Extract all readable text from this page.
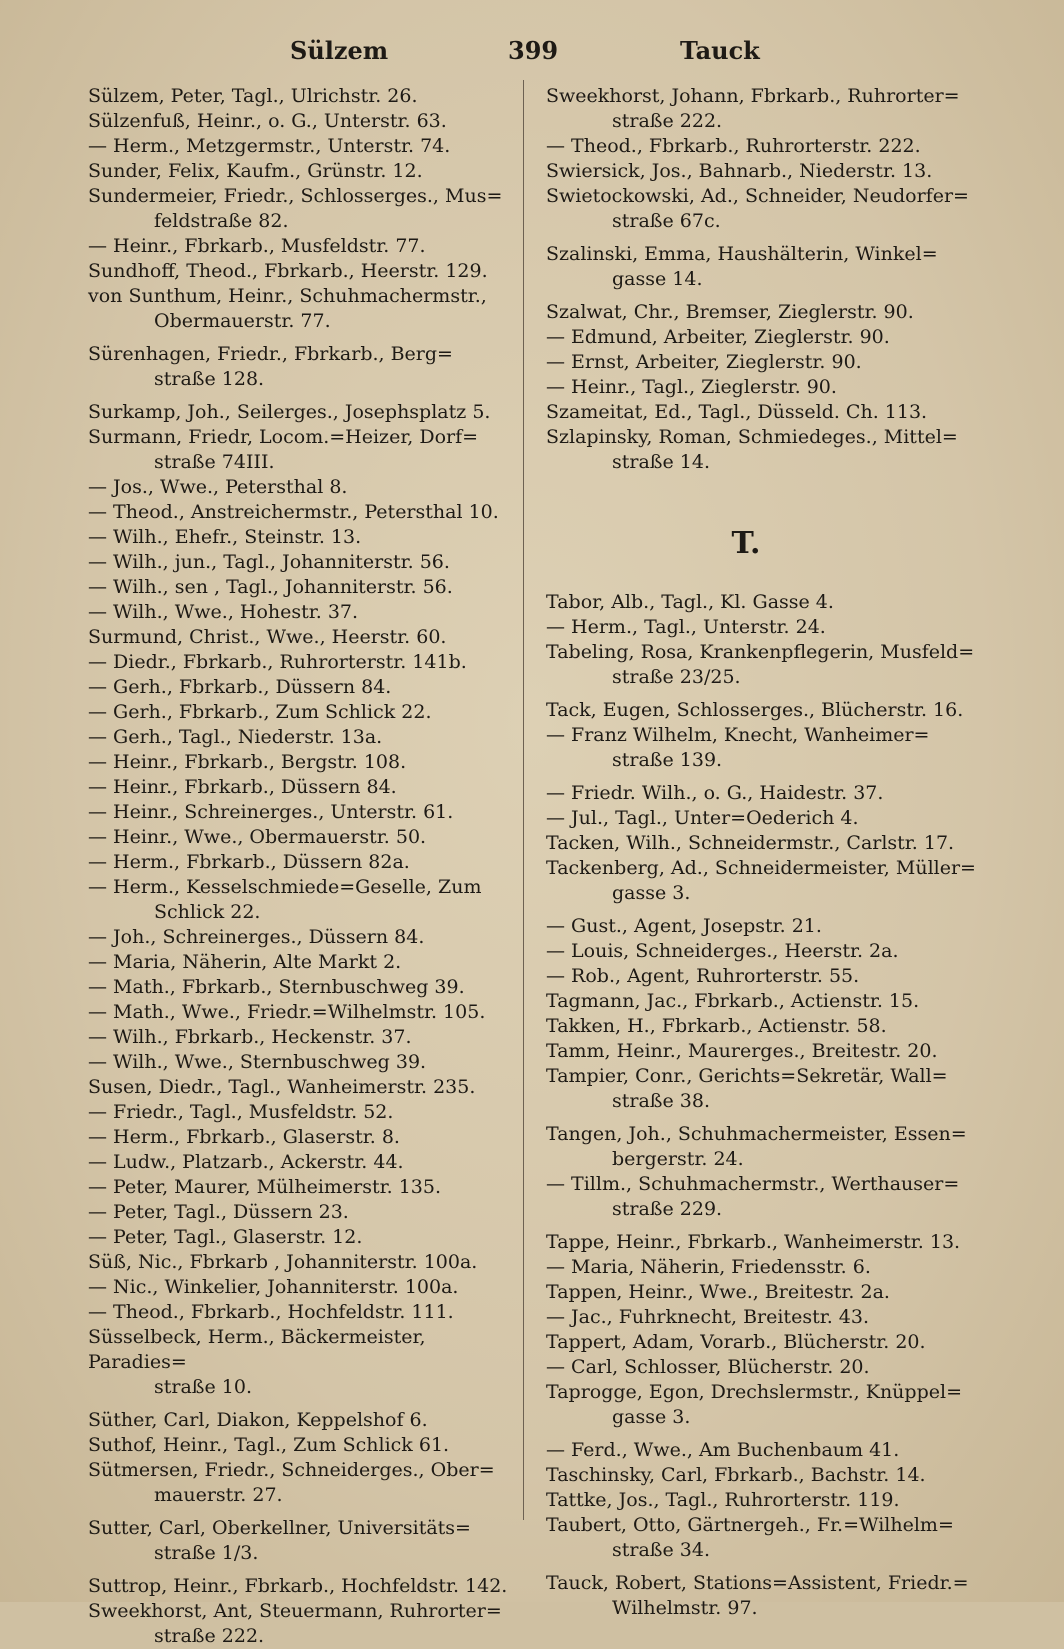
Sülzem	399	Tauck
Sülzem, Peter, Tagl., Ulrichstr. 26.
Sülzenfuß, Heinr., o. G., Unterstr. 63.
— Herm., Metzgermstr., Unterstr. 74.
Sunder, Felix, Kaufm., Grünstr. 12.
Sundermeier, Friedr., Schlosserges., Mus=
feldstraße 82.
— Heinr., Fbrkarb., Musfeldstr. 77.
Sundhoff, Theod., Fbrkarb., Heerstr. 129.
von Sunthum, Heinr., Schuhmachermstr.,
Obermauerstr. 77.
Sürenhagen, Friedr., Fbrkarb., Berg=
straße 128.
Surkamp, Joh., Seilerges., Josephsplatz 5.
Surmann, Friedr, Locom.=Heizer, Dorf=
straße 74III.
— Jos., Wwe., Petersthal 8.
— Theod., Anstreichermstr., Petersthal 10.
— Wilh., Ehefr., Steinstr. 13.
— Wilh., jun., Tagl., Johanniterstr. 56.
— Wilh., sen , Tagl., Johanniterstr. 56.
— Wilh., Wwe., Hohestr. 37.
Surmund, Christ., Wwe., Heerstr. 60.
— Diedr., Fbrkarb., Ruhrorterstr. 141b.
— Gerh., Fbrkarb., Düssern 84.
— Gerh., Fbrkarb., Zum Schlick 22.
— Gerh., Tagl., Niederstr. 13a.
— Heinr., Fbrkarb., Bergstr. 108.
— Heinr., Fbrkarb., Düssern 84.
— Heinr., Schreinerges., Unterstr. 61.
— Heinr., Wwe., Obermauerstr. 50.
— Herm., Fbrkarb., Düssern 82a.
— Herm., Kesselschmiede=Geselle, Zum
Schlick 22.
— Joh., Schreinerges., Düssern 84.
— Maria, Näherin, Alte Markt 2.
— Math., Fbrkarb., Sternbuschweg 39.
— Math., Wwe., Friedr.=Wilhelmstr. 105.
— Wilh., Fbrkarb., Heckenstr. 37.
— Wilh., Wwe., Sternbuschweg 39.
Susen, Diedr., Tagl., Wanheimerstr. 235.
— Friedr., Tagl., Musfeldstr. 52.
— Herm., Fbrkarb., Glaserstr. 8.
— Ludw., Platzarb., Ackerstr. 44.
— Peter, Maurer, Mülheimerstr. 135.
— Peter, Tagl., Düssern 23.
— Peter, Tagl., Glaserstr. 12.
Süß, Nic., Fbrkarb , Johanniterstr. 100a.
— Nic., Winkelier, Johanniterstr. 100a.
— Theod., Fbrkarb., Hochfeldstr. 111.
Süsselbeck, Herm., Bäckermeister, Paradies=
straße 10.
Süther, Carl, Diakon, Keppelshof 6.
Suthof, Heinr., Tagl., Zum Schlick 61.
Sütmersen, Friedr., Schneiderges., Ober=
mauerstr. 27.
Sutter, Carl, Oberkellner, Universitäts=
straße 1/3.
Suttrop, Heinr., Fbrkarb., Hochfeldstr. 142.
Sweekhorst, Ant, Steuermann, Ruhrorter=
straße 222.
Sweekhorst, Johann, Fbrkarb., Ruhrorter=
straße 222.
— Theod., Fbrkarb., Ruhrorterstr. 222.
Swiersick, Jos., Bahnarb., Niederstr. 13.
Swietockowski, Ad., Schneider, Neudorfer=
straße 67c.
Szalinski, Emma, Haushälterin, Winkel=
gasse 14.
Szalwat, Chr., Bremser, Zieglerstr. 90.
— Edmund, Arbeiter, Zieglerstr. 90.
— Ernst, Arbeiter, Zieglerstr. 90.
— Heinr., Tagl., Zieglerstr. 90.
Szameitat, Ed., Tagl., Düsseld. Ch. 113.
Szlapinsky, Roman, Schmiedeges., Mittel=
straße 14.
T.
Tabor, Alb., Tagl., Kl. Gasse 4.
— Herm., Tagl., Unterstr. 24.
Tabeling, Rosa, Krankenpflegerin, Musfeld=
straße 23/25.
Tack, Eugen, Schlosserges., Blücherstr. 16.
— Franz Wilhelm, Knecht, Wanheimer=
straße 139.
— Friedr. Wilh., o. G., Haidestr. 37.
— Jul., Tagl., Unter=Oederich 4.
Tacken, Wilh., Schneidermstr., Carlstr. 17.
Tackenberg, Ad., Schneidermeister, Müller=
gasse 3.
— Gust., Agent, Josepstr. 21.
— Louis, Schneiderges., Heerstr. 2a.
— Rob., Agent, Ruhrorterstr. 55.
Tagmann, Jac., Fbrkarb., Actienstr. 15.
Takken, H., Fbrkarb., Actienstr. 58.
Tamm, Heinr., Maurerges., Breitestr. 20.
Tampier, Conr., Gerichts=Sekretär, Wall=
straße 38.
Tangen, Joh., Schuhmachermeister, Essen=
bergerstr. 24.
— Tillm., Schuhmachermstr., Werthauser=
straße 229.
Tappe, Heinr., Fbrkarb., Wanheimerstr. 13.
— Maria, Näherin, Friedensstr. 6.
Tappen, Heinr., Wwe., Breitestr. 2a.
— Jac., Fuhrknecht, Breitestr. 43.
Tappert, Adam, Vorarb., Blücherstr. 20.
— Carl, Schlosser, Blücherstr. 20.
Taprogge, Egon, Drechslermstr., Knüppel=
gasse 3.
— Ferd., Wwe., Am Buchenbaum 41.
Taschinsky, Carl, Fbrkarb., Bachstr. 14.
Tattke, Jos., Tagl., Ruhrorterstr. 119.
Taubert, Otto, Gärtnergeh., Fr.=Wilhelm=
straße 34.
Tauck, Robert, Stations=Assistent, Friedr.=
Wilhelmstr. 97.
